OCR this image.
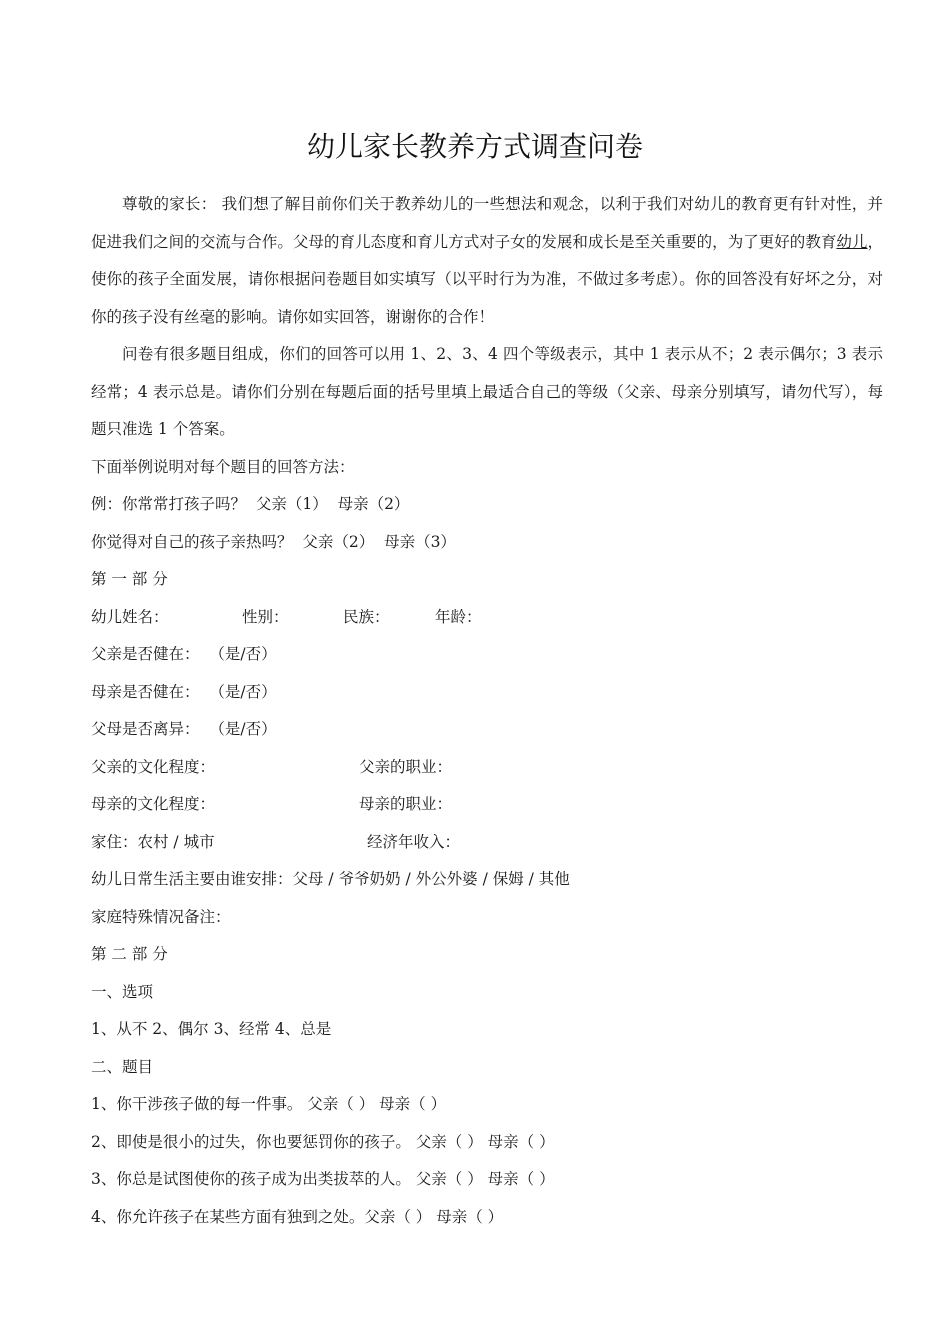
幼儿家长教养方式调查问卷

尊敬的家长： 我们想了解目前你们关于教养幼儿的一些想法和观念，以利于我们对幼儿的教育更有针对性，并促进我们之间的交流与合作。父母的育儿态度和育儿方式对子女的发展和成长是至关重要的，为了更好的教育幼儿，使你的孩子全面发展，请你根据问卷题目如实填写（以平时行为为准，不做过多考虑）。你的回答没有好坏之分，对你的孩子没有丝毫的影响。请你如实回答，谢谢你的合作！

问卷有很多题目组成，你们的回答可以用 1、2、3、4 四个等级表示，其中 1 表示从不；2 表示偶尔；3 表示经常；4 表示总是。请你们分别在每题后面的括号里填上最适合自己的等级（父亲、母亲分别填写，请勿代写），每题只准选 1 个答案。

下面举例说明对每个题目的回答方法：

例：你常常打孩子吗？  父亲（1）  母亲（2）

你觉得对自己的孩子亲热吗？  父亲（2）  母亲（3）

第 一 部 分

幼儿姓名：	性别：	民族：	年龄：

父亲是否健在：  （是/否）

母亲是否健在：  （是/否）

父母是否离异：  （是/否）

父亲的文化程度：	父亲的职业：

母亲的文化程度：	母亲的职业：

家住：农村 / 城市	经济年收入：

幼儿日常生活主要由谁安排：父母 / 爷爷奶奶 / 外公外婆 / 保姆 / 其他

家庭特殊情况备注：

第 二 部 分

一、选项

1、从不 2、偶尔 3、经常 4、总是

二、题目

1、你干涉孩子做的每一件事。 父亲（ ） 母亲（ ）

2、即使是很小的过失，你也要惩罚你的孩子。 父亲（ ） 母亲（ ）

3、你总是试图使你的孩子成为出类拔萃的人。 父亲（ ） 母亲（ ）

4、你允许孩子在某些方面有独到之处。父亲（ ） 母亲（ ）
